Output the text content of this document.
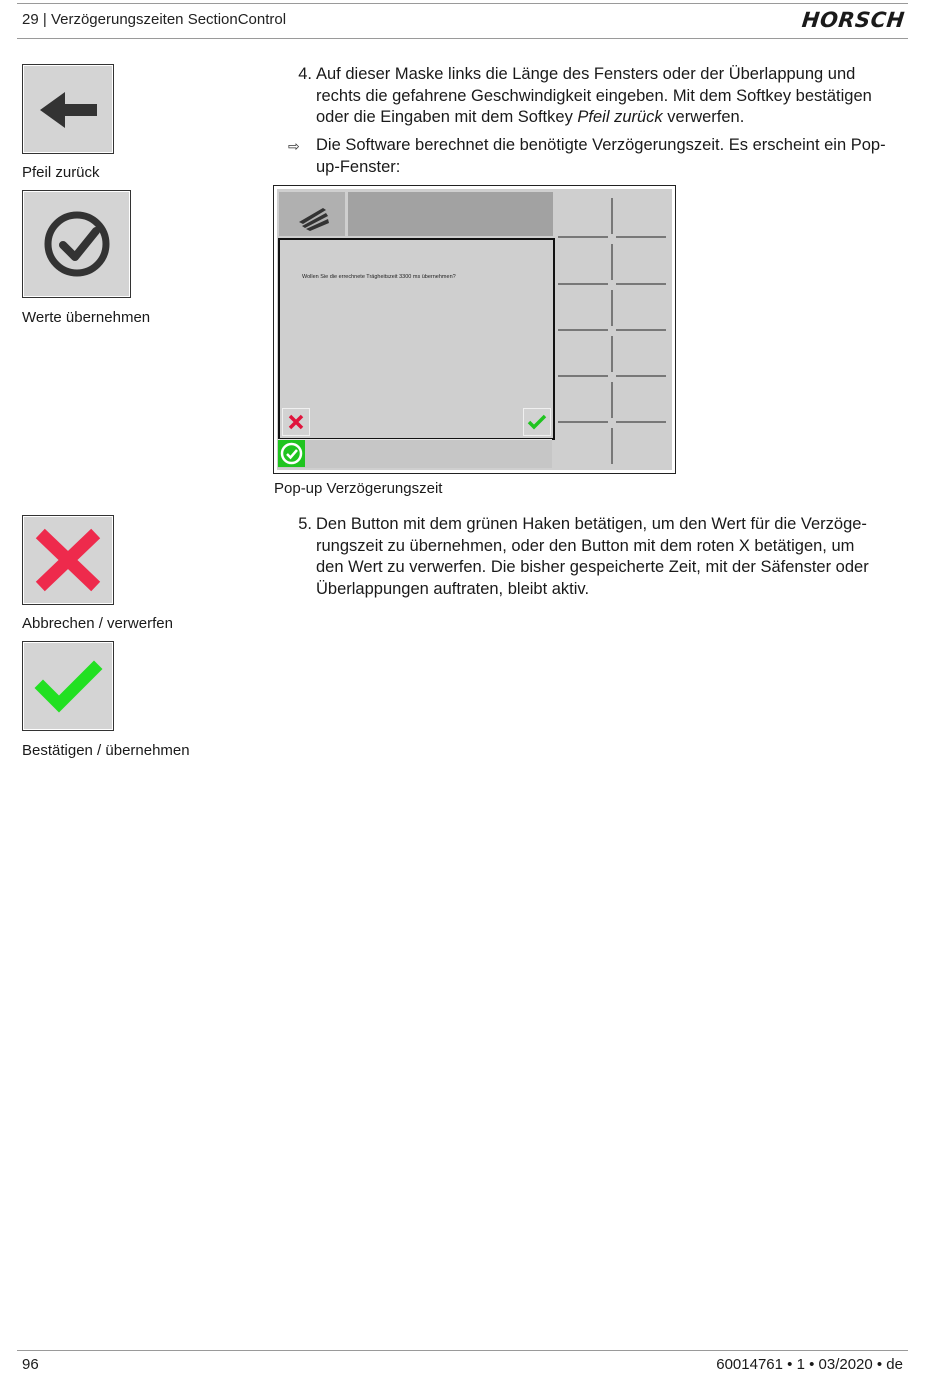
29 | Verzögerungszeiten SectionControl	HORSCH
Pfeil zurück
Werte übernehmen
Abbrechen / verwerfen
Bestätigen / übernehmen
4. Auf dieser Maske links die Länge des Fensters oder der Überlappung und
rechts die gefahrene Geschwindigkeit eingeben. Mit dem Softkey bestätigen
oder die Eingaben mit dem Softkey Pfeil zurück verwerfen.
⇨ Die Software berechnet die benötigte Verzögerungszeit. Es erscheint ein Pop-
up-Fenster:
Wollen Sie die errechnete Trägheitszeit 3300 ms übernehmen?
Pop-up Verzögerungszeit
5. Den Button mit dem grünen Haken betätigen, um den Wert für die Verzöge-
rungszeit zu übernehmen, oder den Button mit dem roten X betätigen, um
den Wert zu verwerfen. Die bisher gespeicherte Zeit, mit der Säfenster oder
Überlappungen auftraten, bleibt aktiv.
96	60014761 • 1 • 03/2020 • de
